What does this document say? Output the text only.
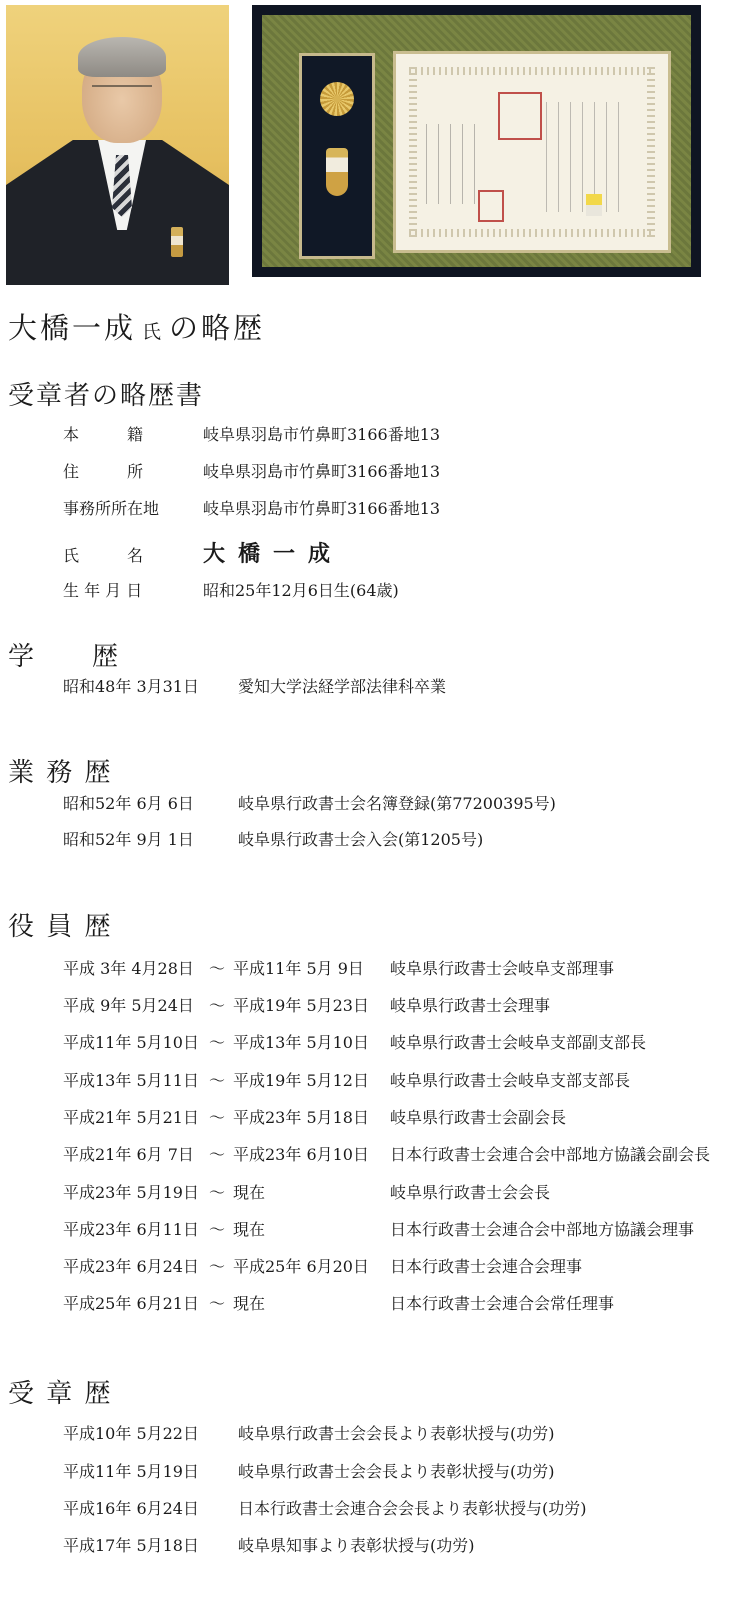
大橋一成 氏 の略歴
受章者の略歴書
本　　　籍	岐阜県羽島市竹鼻町3166番地13
住　　　所	岐阜県羽島市竹鼻町3166番地13
事務所所在地	岐阜県羽島市竹鼻町3166番地13
氏　　　名	大橋一成
生 年 月 日	昭和25年12月6日生(64歳)
学　　歴
昭和48年 3月31日 愛知大学法経学部法律科卒業
業 務 歴
昭和52年 6月 6日	岐阜県行政書士会名簿登録(第77200395号)
昭和52年 9月 1日	岐阜県行政書士会入会(第1205号)
役 員 歴
平成 3年 4月28日 ～ 平成11年 5月 9日 岐阜県行政書士会岐阜支部理事
平成 9年 5月24日 ～ 平成19年 5月23日 岐阜県行政書士会理事
平成11年 5月10日 ～ 平成13年 5月10日 岐阜県行政書士会岐阜支部副支部長
平成13年 5月11日 ～ 平成19年 5月12日 岐阜県行政書士会岐阜支部支部長
平成21年 5月21日 ～ 平成23年 5月18日 岐阜県行政書士会副会長
平成21年 6月 7日 ～ 平成23年 6月10日 日本行政書士会連合会中部地方協議会副会長
平成23年 5月19日 ～ 現在	岐阜県行政書士会会長
平成23年 6月11日 ～ 現在	日本行政書士会連合会中部地方協議会理事
平成23年 6月24日 ～ 平成25年 6月20日 日本行政書士会連合会理事
平成25年 6月21日 ～ 現在	日本行政書士会連合会常任理事
受 章 歴
平成10年 5月22日 岐阜県行政書士会会長より表彰状授与(功労)
平成11年 5月19日 岐阜県行政書士会会長より表彰状授与(功労)
平成16年 6月24日 日本行政書士会連合会会長より表彰状授与(功労)
平成17年 5月18日 岐阜県知事より表彰状授与(功労)
